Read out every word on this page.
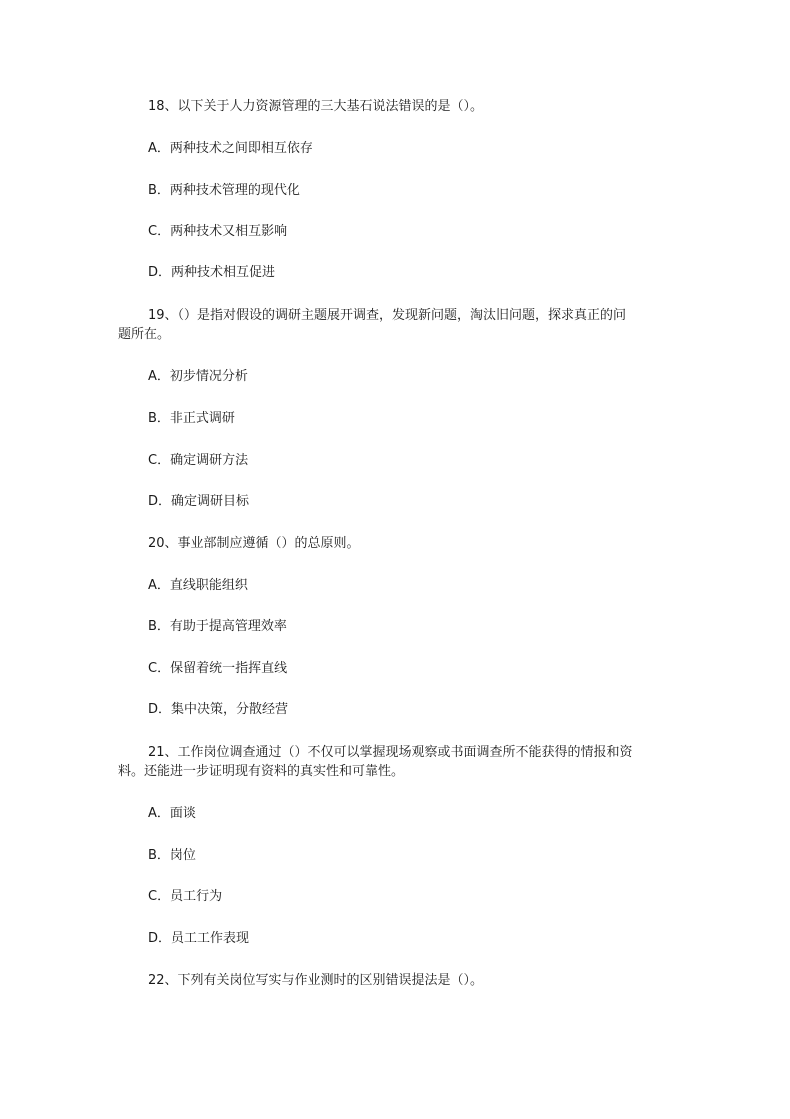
18、以下关于人力资源管理的三大基石说法错误的是（）。
A．两种技术之间即相互依存
B．两种技术管理的现代化
C．两种技术又相互影响
D．两种技术相互促进
19、（）是指对假设的调研主题展开调查，发现新问题，淘汰旧问题，探求真正的问
题所在。
A．初步情况分析
B．非正式调研
C．确定调研方法
D．确定调研目标
20、事业部制应遵循（）的总原则。
A．直线职能组织
B．有助于提高管理效率
C．保留着统一指挥直线
D．集中决策，分散经营
21、工作岗位调查通过（）不仅可以掌握现场观察或书面调查所不能获得的情报和资
料。还能进一步证明现有资料的真实性和可靠性。
A．面谈
B．岗位
C．员工行为
D．员工工作表现
22、下列有关岗位写实与作业测时的区别错误提法是（）。
